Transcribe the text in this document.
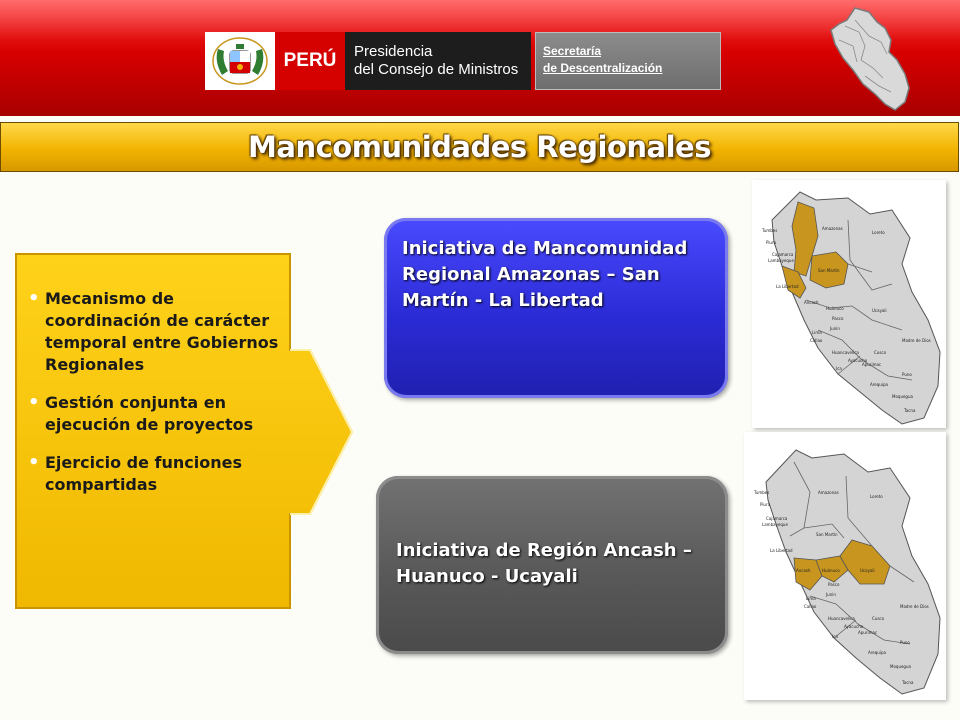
PERÚ Presidencia
del Consejo de Ministros
Secretaría
de Descentralización
Mancomunidades Regionales
• Mecanismo de coordinación de carácter temporal entre Gobiernos Regionales
• Gestión conjunta en ejecución de proyectos
• Ejercicio de funciones compartidas
Iniciativa de Mancomunidad Regional Amazonas – San Martín - La Libertad
Iniciativa de Región Ancash – Huanuco - Ucayali
Tumbes
Piura
Amazonas
Loreto
Cajamarca
Lambayeque
San Martín
La Libertad
Ancash
Huánuco	Ucayali
Pasco
Junin
Lima
Callao
Huancavelica	Cusco
Madre de Dios
Ica
Apurimac
Ayacucho
Puno
Arequipa
Moquegua
Tacna
Tumbes
Piura
Amazonas
Loreto
Cajamarca
Lambayeque
San Martín
La Libertad
Ancash	Huánuco	Ucayali
Pasco
Junin
Lima
Callao
Huancavelica	Cusco
Madre de Dios
Ica
Apurimac
Ayacucho
Puno
Arequipa
Moquegua
Tacna
